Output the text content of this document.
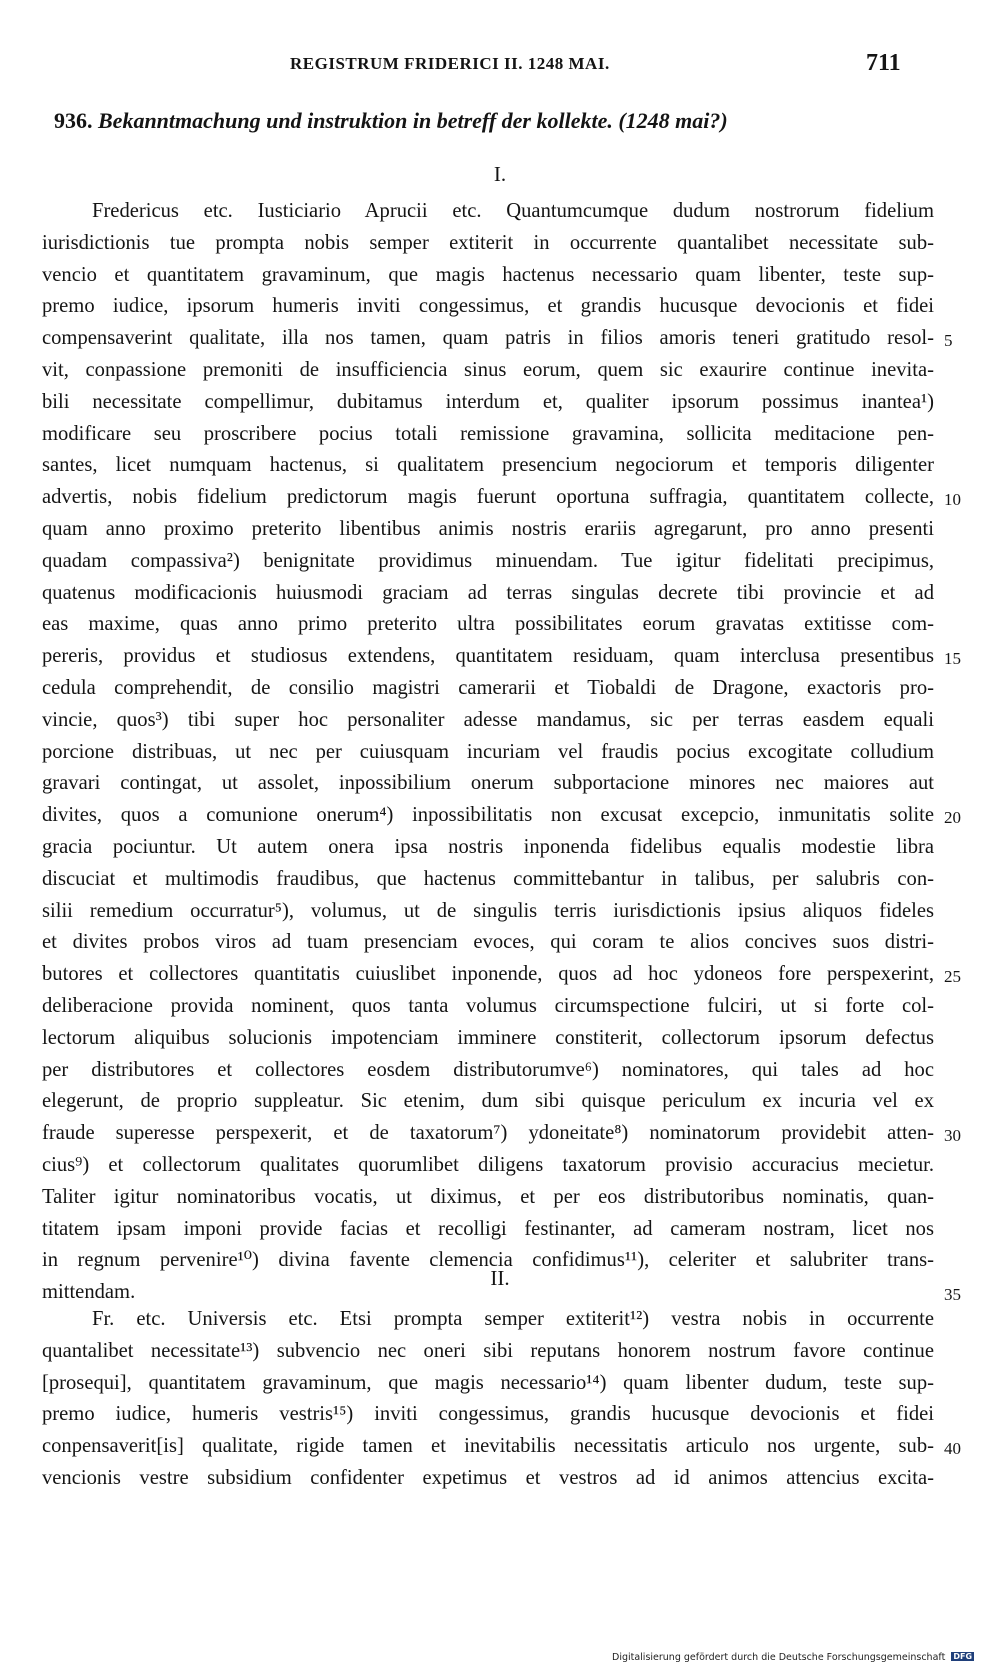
REGISTRUM FRIDERICI II. 1248 MAI.	711
936. Bekanntmachung und instruktion in betreff der kollekte. (1248 mai?)
I.
Fredericus etc. Iusticiario Aprucii etc. Quantumcumque dudum nostrorum fidelium
iurisdictionis tue prompta nobis semper extiterit in occurrente quantalibet necessitate sub-
vencio et quantitatem gravaminum, que magis hactenus necessario quam libenter, teste sup-
premo iudice, ipsorum humeris inviti congessimus, et grandis hucusque devocionis et fidei
compensaverint qualitate, illa nos tamen, quam patris in filios amoris teneri gratitudo resol-
vit, conpassione premoniti de insufficiencia sinus eorum, quem sic exaurire continue inevita-
bili necessitate compellimur, dubitamus interdum et, qualiter ipsorum possimus inantea¹)
modificare seu proscribere pocius totali remissione gravamina, sollicita meditacione pen-
santes, licet numquam hactenus, si qualitatem presencium negociorum et temporis diligenter
advertis, nobis fidelium predictorum magis fuerunt oportuna suffragia, quantitatem collecte,
quam anno proximo preterito libentibus animis nostris erariis agregarunt, pro anno presenti
quadam compassiva²) benignitate providimus minuendam. Tue igitur fidelitati precipimus,
quatenus modificacionis huiusmodi graciam ad terras singulas decrete tibi provincie et ad
eas maxime, quas anno primo preterito ultra possibilitates eorum gravatas extitisse com-
pereris, providus et studiosus extendens, quantitatem residuam, quam interclusa presentibus
cedula comprehendit, de consilio magistri camerarii et Tiobaldi de Dragone, exactoris pro-
vincie, quos³) tibi super hoc personaliter adesse mandamus, sic per terras easdem equali
porcione distribuas, ut nec per cuiusquam incuriam vel fraudis pocius excogitate colludium
gravari contingat, ut assolet, inpossibilium onerum subportacione minores nec maiores aut
divites, quos a comunione onerum⁴) inpossibilitatis non excusat excepcio, inmunitatis solite
gracia pociuntur. Ut autem onera ipsa nostris inponenda fidelibus equalis modestie libra
discuciat et multimodis fraudibus, que hactenus committebantur in talibus, per salubris con-
silii remedium occurratur⁵), volumus, ut de singulis terris iurisdictionis ipsius aliquos fideles
et divites probos viros ad tuam presenciam evoces, qui coram te alios concives suos distri-
butores et collectores quantitatis cuiuslibet inponende, quos ad hoc ydoneos fore perspexerint,
deliberacione provida nominent, quos tanta volumus circumspectione fulciri, ut si forte col-
lectorum aliquibus solucionis impotenciam imminere constiterit, collectorum ipsorum defectus
per distributores et collectores eosdem distributorumve⁶) nominatores, qui tales ad hoc
elegerunt, de proprio suppleatur. Sic etenim, dum sibi quisque periculum ex incuria vel ex
fraude superesse perspexerit, et de taxatorum⁷) ydoneitate⁸) nominatorum providebit atten-
cius⁹) et collectorum qualitates quorumlibet diligens taxatorum provisio accuracius mecietur.
Taliter igitur nominatoribus vocatis, ut diximus, et per eos distributoribus nominatis, quan-
titatem ipsam imponi provide facias et recolligi festinanter, ad cameram nostram, licet nos
in regnum pervenire¹⁰) divina favente clemencia confidimus¹¹), celeriter et salubriter trans-
mittendam.
II.
Fr. etc. Universis etc. Etsi prompta semper extiterit¹²) vestra nobis in occurrente
quantalibet necessitate¹³) subvencio nec oneri sibi reputans honorem nostrum favore continue
[prosequi], quantitatem gravaminum, que magis necessario¹⁴) quam libenter dudum, teste sup-
premo iudice, humeris vestris¹⁵) inviti congessimus, grandis hucusque devocionis et fidei
conpensaverit[is] qualitate, rigide tamen et inevitabilis necessitatis articulo nos urgente, sub-
vencionis vestre subsidium confidenter expetimus et vestros ad id animos attencius excita-
5
10
15
20
25
30
35
40
Digitalisierung gefördert durch die Deutsche Forschungsgemeinschaft DFG
